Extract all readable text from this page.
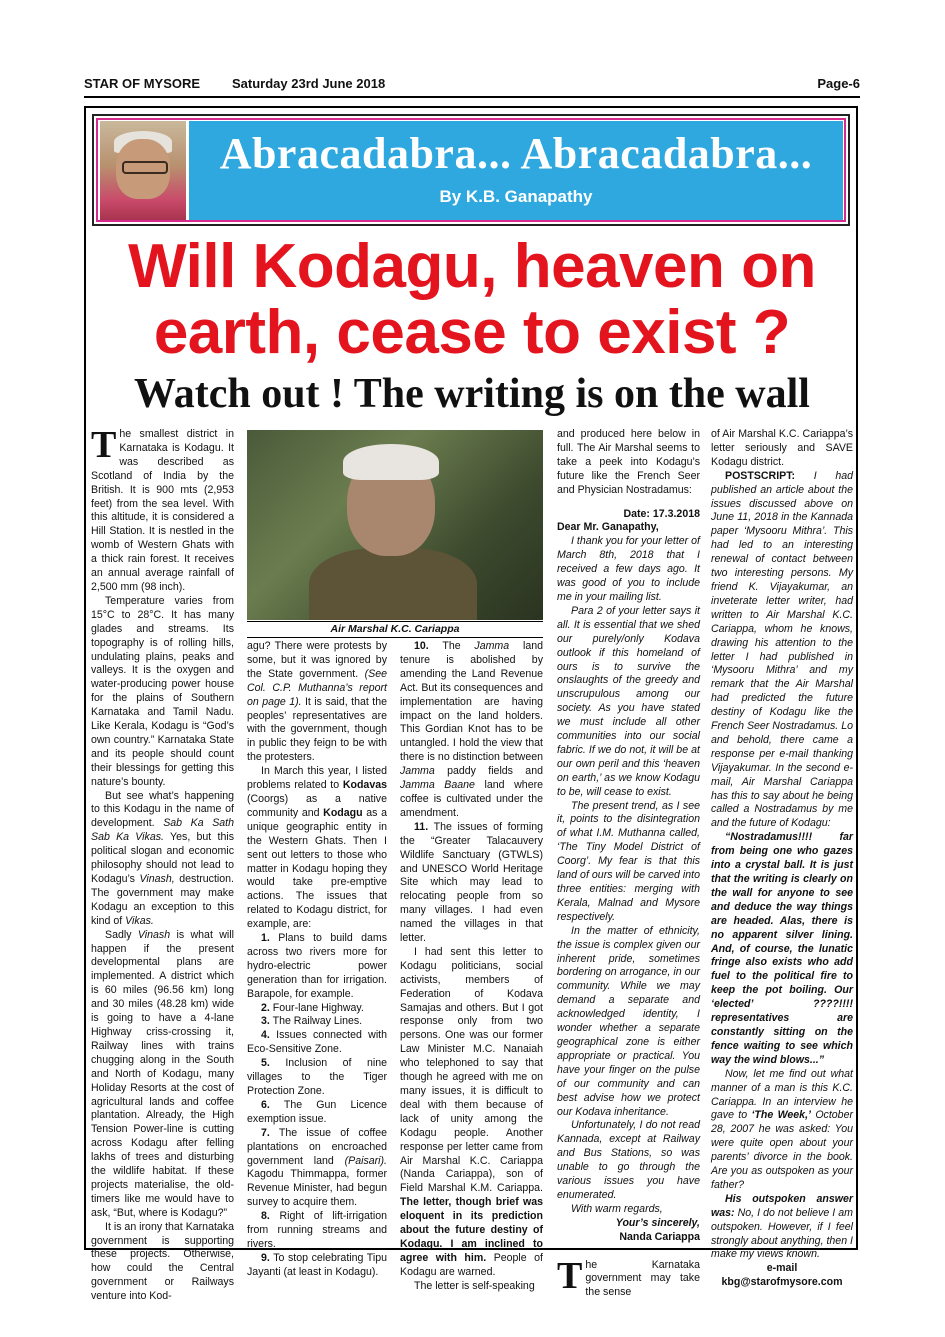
STAR OF MYSORE Saturday 23rd June 2018	Page-6
Abracadabra... Abracadabra...
By K.B. Ganapathy
Will Kodagu, heaven on
earth, cease to exist ?
Watch out ! The writing is on the wall

The smallest district in Karnataka is Kodagu. It was described as Scotland of India by the British. It is 900 mts (2,953 feet) from the sea level. With this altitude, it is considered a Hill Station. It is nestled in the womb of Western Ghats with a thick rain forest. It receives an annual average rainfall of 2,500 mm (98 inch).

Temperature varies from 15°C to 28°C. It has many glades and streams. Its topography is of rolling hills, undulating plains, peaks and valleys. It is the oxygen and water-producing power house for the plains of Southern Karnataka and Tamil Nadu. Like Kerala, Kodagu is “God’s own country.” Karnataka State and its people should count their blessings for getting this nature’s bounty.

But see what’s happening to this Kodagu in the name of development. Sab Ka Sath Sab Ka Vikas. Yes, but this political slogan and economic philosophy should not lead to Kodagu’s Vinash, destruction. The government may make Kodagu an exception to this kind of Vikas.

Sadly Vinash is what will happen if the present developmental plans are implemented. A district which is 60 miles (96.56 km) long and 30 miles (48.28 km) wide is going to have a 4-lane Highway criss-crossing it, Railway lines with trains chugging along in the South and North of Kodagu, many Holiday Resorts at the cost of agricultural lands and coffee plantation. Already, the High Tension Power-line is cutting across Kodagu after felling lakhs of trees and disturbing the wildlife habitat. If these projects materialise, the old-timers like me would have to ask, “But, where is Kodagu?”

It is an irony that Karnataka government is supporting these projects. Otherwise, how could the Central government or Railways venture into Kod-

Air Marshal K.C. Cariappa

agu? There were protests by some, but it was ignored by the State government. (See Col. C.P. Muthanna’s report on page 1). It is said, that the peoples’ representatives are with the government, though in public they feign to be with the protesters.

In March this year, I listed problems related to Kodavas (Coorgs) as a native community and Kodagu as a unique geographic entity in the Western Ghats. Then I sent out letters to those who matter in Kodagu hoping they would take pre-emptive actions. The issues that related to Kodagu district, for example, are:

1. Plans to build dams across two rivers more for hydro-electric power generation than for irrigation. Barapole, for example.

2. Four-lane Highway.

3. The Railway Lines.

4. Issues connected with Eco-Sensitive Zone.

5. Inclusion of nine villages to the Tiger Protection Zone.

6. The Gun Licence exemption issue.

7. The issue of coffee plantations on encroached government land (Paisari). Kagodu Thimmappa, former Revenue Minister, had begun survey to acquire them.

8. Right of lift-irrigation from running streams and rivers.

9. To stop celebrating Tipu Jayanti (at least in Kodagu).

10. The Jamma land tenure is abolished by amending the Land Revenue Act. But its consequences and implementation are having impact on the land holders. This Gordian Knot has to be untangled. I hold the view that there is no distinction between Jamma paddy fields and Jamma Baane land where coffee is cultivated under the amendment.

11. The issues of forming the “Greater Talacauvery Wildlife Sanctuary (GTWLS) and UNESCO World Heritage Site which may lead to relocating people from so many villages. I had even named the villages in that letter.

I had sent this letter to Kodagu politicians, social activists, members of Federation of Kodava Samajas and others. But I got response only from two persons. One was our former Law Minister M.C. Nanaiah who telephoned to say that though he agreed with me on many issues, it is difficult to deal with them because of lack of unity among the Kodagu people. Another response per letter came from Air Marshal K.C. Cariappa (Nanda Cariappa), son of Field Marshal K.M. Cariappa. The letter, though brief was eloquent in its prediction about the future destiny of Kodagu. I am inclined to agree with him. People of Kodagu are warned.

The letter is self-speaking

and produced here below in full. The Air Marshal seems to take a peek into Kodagu’s future like the French Seer and Physician Nostradamus:

Date: 17.3.2018

Dear Mr. Ganapathy,

I thank you for your letter of March 8th, 2018 that I received a few days ago. It was good of you to include me in your mailing list.

Para 2 of your letter says it all. It is essential that we shed our purely/only Kodava outlook if this homeland of ours is to survive the onslaughts of the greedy and unscrupulous among our society. As you have stated we must include all other communities into our social fabric. If we do not, it will be at our own peril and this ‘heaven on earth,’ as we know Kodagu to be, will cease to exist.

The present trend, as I see it, points to the disintegration of what I.M. Muthanna called, ‘The Tiny Model District of Coorg’. My fear is that this land of ours will be carved into three entities: merging with Kerala, Malnad and Mysore respectively.

In the matter of ethnicity, the issue is complex given our inherent pride, sometimes bordering on arrogance, in our community. While we may demand a separate and acknowledged identity, I wonder whether a separate geographical zone is either appropriate or practical. You have your finger on the pulse of our community and can best advise how we protect our Kodava inheritance.

Unfortunately, I do not read Kannada, except at Railway and Bus Stations, so was unable to go through the various issues you have enumerated.

With warm regards,

Your’s sincerely,

Nanda Cariappa

The Karnataka government may take the sense

of Air Marshal K.C. Cariappa’s letter seriously and SAVE Kodagu district.

POSTSCRIPT: I had published an article about the issues discussed above on June 11, 2018 in the Kannada paper ‘Mysooru Mithra’. This had led to an interesting renewal of contact between two interesting persons. My friend K. Vijayakumar, an inveterate letter writer, had written to Air Marshal K.C. Cariappa, whom he knows, drawing his attention to the letter I had published in ‘Mysooru Mithra’ and my remark that the Air Marshal had predicted the future destiny of Kodagu like the French Seer Nostradamus. Lo and behold, there came a response per e-mail thanking Vijayakumar. In the second e-mail, Air Marshal Cariappa has this to say about he being called a Nostradamus by me and the future of Kodagu:

“Nostradamus!!!! far from being one who gazes into a crystal ball. It is just that the writing is clearly on the wall for anyone to see and deduce the way things are headed. Alas, there is no apparent silver lining. And, of course, the lunatic fringe also exists who add fuel to the political fire to keep the pot boiling. Our ‘elected’ ????!!!! representatives are constantly sitting on the fence waiting to see which way the wind blows...”

Now, let me find out what manner of a man is this K.C. Cariappa. In an interview he gave to ‘The Week,’ October 28, 2007 he was asked: You were quite open about your parents’ divorce in the book. Are you as outspoken as your father?

His outspoken answer was: No, I do not believe I am outspoken. However, if I feel strongly about anything, then I make my views known.

e-mail

kbg@starofmysore.com
